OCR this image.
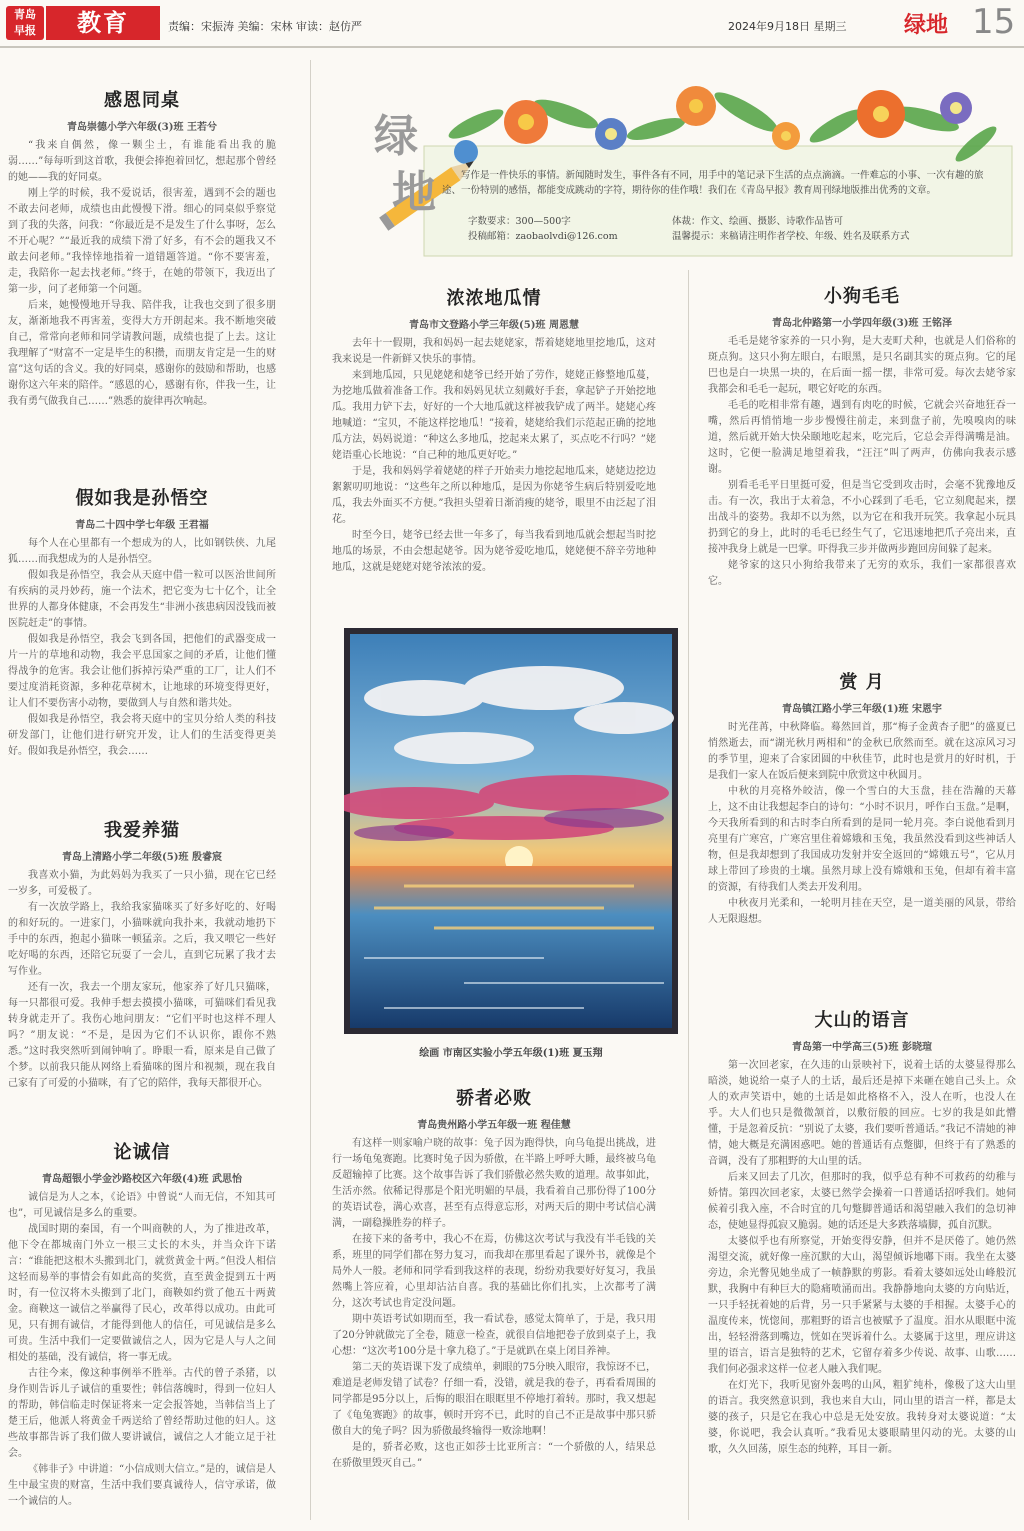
青岛
早报	教育	责编：宋振涛 美编：宋林 审读：赵仿严	2024年9月18日 星期三	绿地 15
绿
地	写作是一件快乐的事情。新闻随时发生，事件各有不同，用手中的笔记录下生活的点点滴滴。一件难忘的小事、一次有趣的旅途、一份特别的感悟，都能变成跳动的字符，期待你的佳作哦！我们在《青岛早报》教育周刊绿地版推出优秀的文章。

字数要求：300—500字	体裁：作文、绘画、摄影、诗歌作品皆可
投稿邮箱：zaobaolvdi@126.com	温馨提示：来稿请注明作者学校、年级、姓名及联系方式
感恩同桌
青岛崇德小学六年级(3)班 王若兮

“我来自偶然，像一颗尘土，有谁能看出我的脆弱……”每每听到这首歌，我便会捧抱着回忆，想起那个曾经的她——我的好同桌。

刚上学的时候，我不爱说话，很害羞，遇到不会的题也不敢去问老师，成绩也由此慢慢下滑。细心的同桌似乎察觉到了我的失落，问我：“你最近是不是发生了什么事呀，怎么不开心呢？”“最近我的成绩下滑了好多，有不会的题我又不敢去问老师。”我悻悻地指着一道错题答道。“你不要害羞，走，我陪你一起去找老师。”终于，在她的带领下，我迈出了第一步，问了老师第一个问题。

后来，她慢慢地开导我、陪伴我，让我也交到了很多朋友，渐渐地我不再害羞，变得大方开朗起来。我不断地突破自己，常常向老师和同学请教问题，成绩也提了上去。这让我理解了“财富不一定是毕生的积攒，而朋友肯定是一生的财富”这句话的含义。我的好同桌，感谢你的鼓励和帮助，也感谢你这六年来的陪伴。“感恩的心，感谢有你，伴我一生，让我有勇气做我自己……”熟悉的旋律再次响起。

假如我是孙悟空
青岛二十四中学七年级 王君福

每个人在心里都有一个想成为的人，比如钢铁侠、九尾狐……而我想成为的人是孙悟空。

假如我是孙悟空，我会从天庭中借一粒可以医治世间所有疾病的灵丹妙药，施一个法术，把它变为七十亿个，让全世界的人都身体健康，不会再发生“非洲小孩患病因没钱而被医院赶走”的事情。

假如我是孙悟空，我会飞到各国，把他们的武器变成一片一片的草地和动物，我会平息国家之间的矛盾，让他们懂得战争的危害。我会让他们拆掉污染严重的工厂，让人们不要过度消耗资源，多种花草树木，让地球的环境变得更好，让人们不要伤害小动物，要做到人与自然和谐共处。

假如我是孙悟空，我会将天庭中的宝贝分给人类的科技研发部门，让他们进行研究开发，让人们的生活变得更美好。假如我是孙悟空，我会……

我爱养猫
青岛上清路小学二年级(5)班 殷睿宸

我喜欢小猫，为此妈妈为我买了一只小猫，现在它已经一岁多，可爱极了。

有一次放学路上，我给我家猫咪买了好多好吃的、好喝的和好玩的。一进家门，小猫咪就向我扑来，我就动地扔下手中的东西，抱起小猫咪一顿猛亲。之后，我又喂它一些好吃好喝的东西，还陪它玩耍了一会儿，直到它玩累了我才去写作业。

还有一次，我去一个朋友家玩，他家养了好几只猫咪，每一只都很可爱。我伸手想去摸摸小猫咪，可猫咪们看见我转身就走开了。我伤心地问朋友：“它们平时也这样不理人吗？”朋友说：“不是，是因为它们不认识你，跟你不熟悉。”这时我突然听到闹钟响了。睁眼一看，原来是自己做了个梦。以前我只能从网络上看猫咪的图片和视频，现在我自己家有了可爱的小猫咪，有了它的陪伴，我每天都很开心。

论诚信
青岛超银小学金沙路校区六年级(4)班 武思怡

诚信是为人之本，《论语》中曾说“人而无信，不知其可也”，可见诚信是多么的重要。

战国时期的秦国，有一个叫商鞅的人，为了推进改革，他下令在都城南门外立一根三丈长的木头，并当众许下诺言：“谁能把这根木头搬到北门，就赏黄金十两。”但没人相信这轻而易举的事情会有如此高的奖赏，直至黄金提到五十两时，有一位汉将木头搬到了北门，商鞅如约赏了他五十两黄金。商鞅这一诚信之举赢得了民心，改革得以成功。由此可见，只有拥有诚信，才能得到他人的信任，可见诚信是多么可贵。生活中我们一定要做诚信之人，因为它是人与人之间相处的基础，没有诚信，将一事无成。

古往今来，像这种事例举不胜举。古代的曾子杀猪，以身作则告诉儿子诚信的重要性；韩信落魄时，得到一位妇人的帮助，韩信临走时保证将来一定会报答她，当韩信当上了楚王后，他派人将黄金千两送给了曾经帮助过他的妇人。这些故事都告诉了我们做人要讲诚信，诚信之人才能立足于社会。

《韩非子》中讲道：“小信成则大信立。”是的，诚信是人生中最宝贵的财富，生活中我们要真诚待人，信守承诺，做一个诚信的人。

浓浓地瓜情
青岛市文登路小学三年级(5)班 周恩慧

去年十一假期，我和妈妈一起去姥姥家，帮着姥姥地里挖地瓜，这对我来说是一件新鲜又快乐的事情。

来到地瓜园，只见姥姥和姥爷已经开始了劳作，姥姥正修整地瓜蔓，为挖地瓜做着准备工作。我和妈妈见状立刻戴好手套，拿起铲子开始挖地瓜。我用力铲下去，好好的一个大地瓜就这样被我铲成了两半。姥姥心疼地喊道：“宝贝，不能这样挖地瓜！”接着，姥姥给我们示范起正确的挖地瓜方法，妈妈说道：“种这么多地瓜，挖起来太累了，买点吃不行吗？”姥姥语重心长地说：“自己种的地瓜更好吃。”

于是，我和妈妈学着姥姥的样子开始卖力地挖起地瓜来，姥姥边挖边絮絮叨叨地说：“这些年之所以种地瓜，是因为你姥爷生病后特别爱吃地瓜，我去外面买不方便。”我担头望着日渐消瘦的姥爷，眼里不由泛起了泪花。

时至今日，姥爷已经去世一年多了，每当我看到地瓜就会想起当时挖地瓜的场景，不由会想起姥爷。因为姥爷爱吃地瓜，姥姥便不辞辛劳地种地瓜，这就是姥姥对姥爷浓浓的爱。

绘画 市南区实验小学五年级(1)班 夏玉翔
骄者必败
青岛贵州路小学五年级一班 程佳慧

有这样一则家喻户晓的故事：兔子因为跑得快，向乌龟提出挑战，进行一场龟兔赛跑。比赛时兔子因为骄傲，在半路上呼呼大睡，最终被乌龟反超输掉了比赛。这个故事告诉了我们骄傲必然失败的道理。故事如此，生活亦然。依稀记得那是个阳光明媚的早晨，我看着自己那份得了100分的英语试卷，满心欢喜，甚至有点得意忘形，对两天后的期中考试信心满满，一副稳操胜券的样子。

在接下来的备考中，我心不在焉，仿佛这次考试与我没有半毛钱的关系，班里的同学们都在努力复习，而我却在那里看起了课外书，就像是个局外人一般。老师和同学看到我这样的表现，纷纷劝我要好好复习，我虽然嘴上答应着，心里却沾沾自喜。我的基础比你们扎实，上次都考了满分，这次考试也肯定没问题。

期中英语考试如期而至，我一看试卷，感觉太简单了，于是，我只用了20分钟就做完了全卷，随意一检查，就很自信地把卷子放到桌子上，我心想：“这次考100分是十拿九稳了。”于是就趴在桌上闭目养神。

第二天的英语课下发了成绩单，刺眼的75分映入眼帘，我惊讶不已，难道是老师发错了试卷？仔细一看，没错，就是我的卷子，再看看周围的同学都是95分以上，后悔的眼泪在眼眶里不停地打着转。那时，我又想起了《龟兔赛跑》的故事，顿时开窍不已，此时的自己不正是故事中那只骄傲自大的兔子吗？因为骄傲最终输得一败涂地啊！

是的，骄者必败，这也正如莎士比亚所言：“一个骄傲的人，结果总在骄傲里毁灭自己。”

小狗毛毛
青岛北仲路第一小学四年级(3)班 王铭泽

毛毛是姥爷家养的一只小狗，是大麦町犬种，也就是人们俗称的斑点狗。这只小狗左眼白，右眼黑，是只名副其实的斑点狗。它的尾巴也是白一块黑一块的，在后面一摇一摆，非常可爱。每次去姥爷家我都会和毛毛一起玩，喂它好吃的东西。

毛毛的吃相非常有趣，遇到有肉吃的时候，它就会兴奋地狂吞一嘴，然后再悄悄地一步步慢慢往前走，来到盘子前，先嗅嗅肉的味道，然后就开始大快朵颐地吃起来，吃完后，它总会弄得满嘴是油。这时，它便一脸满足地望着我，“汪汪”叫了两声，仿佛向我表示感谢。

别看毛毛平日里挺可爱，但是当它受到攻击时，会毫不犹豫地反击。有一次，我出于太着急，不小心踩到了毛毛，它立刻爬起来，摆出战斗的姿势。我却不以为然，以为它在和我开玩笑。我拿起小玩具扔到它的身上，此时的毛毛已经生气了，它迅速地把爪子亮出来，直接冲我身上就是一巴掌。吓得我三步并做两步跑回房间躲了起来。

姥爷家的这只小狗给我带来了无穷的欢乐，我们一家都很喜欢它。

赏 月
青岛镇江路小学三年级(1)班 宋恩宇

时光荏苒，中秋降临。蓦然回首，那“梅子金黄杏子肥”的盛夏已悄然逝去，而“湖光秋月两相和”的金秋已欣然而至。就在这凉风习习的季节里，迎来了合家团圆的中秋佳节，此时也是赏月的好时机，于是我们一家人在饭后便来到院中欣赏这中秋圆月。

中秋的月亮格外皎洁，像一个雪白的大玉盘，挂在浩瀚的天幕上，这不由让我想起李白的诗句：“小时不识月，呼作白玉盘。”是啊，今天我所看到的和古时李白所看到的是同一轮月亮。李白说他看到月亮里有广寒宫，广寒宫里住着嫦娥和玉兔，我虽然没看到这些神话人物，但是我却想到了我国成功发射并安全返回的“嫦娥五号”，它从月球上带回了珍贵的土壤。虽然月球上没有嫦娥和玉兔，但却有着丰富的资源，有待我们人类去开发利用。

中秋夜月光柔和，一轮明月挂在天空，是一道美丽的风景，带给人无限遐想。

大山的语言
青岛第一中学高三(5)班 彭晓瑄

第一次回老家，在久违的山景映衬下，说着土话的太婆显得那么暗淡，她说给一桌子人的土话，最后还是掉下来砸在她自己头上。众人的欢声笑语中，她的土话是如此格格不入，没人在听，也没人在乎。大人们也只是微微颔首，以敷衍般的回应。七岁的我是如此懵懂，于是忽着反抗：“别说了太婆，我们要听普通话。”我记不清她的神情，她大概是充满困惑吧。她的普通话有点蹩脚，但终于有了熟悉的音调，没有了那粗野的大山里的话。

后来又回去了几次，但那时的我，似乎总有种不可救药的幼稚与娇情。第四次回老家，太婆已然学会操着一口普通话招呼我们。她伺候着引我入座，不合时宜的几句蹩脚普通话和渴望融入我们的急切神态，使她显得孤寂又脆弱。她的话还是大多跌落墙脚，孤自沉默。

太婆似乎也有所察觉，开始变得安静，但并不是厌倦了。她仍然渴望交流，就好像一座沉默的大山，渴望倾诉地嘟下雨。我坐在太婆旁边，余光瞥见她坐成了一帧静默的剪影。看着太婆如远处山峰般沉默，我胸中有种巨大的隐痛喷涌而出。我静静地向太婆的方向贴近，一只手轻抚着她的后背，另一只手紧紧与太婆的手相握。太婆手心的温度传来，恍惚间，那粗野的语言也被赋予了温度。泪水从眼眶中流出，轻轻滑落到嘴边，恍如在哭诉着什么。太婆属于这里，理应讲这里的语言，语言是独特的艺术，它留存着多少传说、故事、山歌……我们何必强求这样一位老人融入我们呢。

在灯光下，我听见窗外轰鸣的山风，粗犷纯朴，像极了这大山里的语言。我突然意识到，我也来自大山，同山里的语言一样，都是太婆的孩子，只是它在我心中总是无处安放。我转身对太婆说道：“太婆，你说吧，我会认真听。”我看见太婆眼睛里闪动的光。太婆的山歌，久久回荡，原生态的纯粹，耳目一新。
